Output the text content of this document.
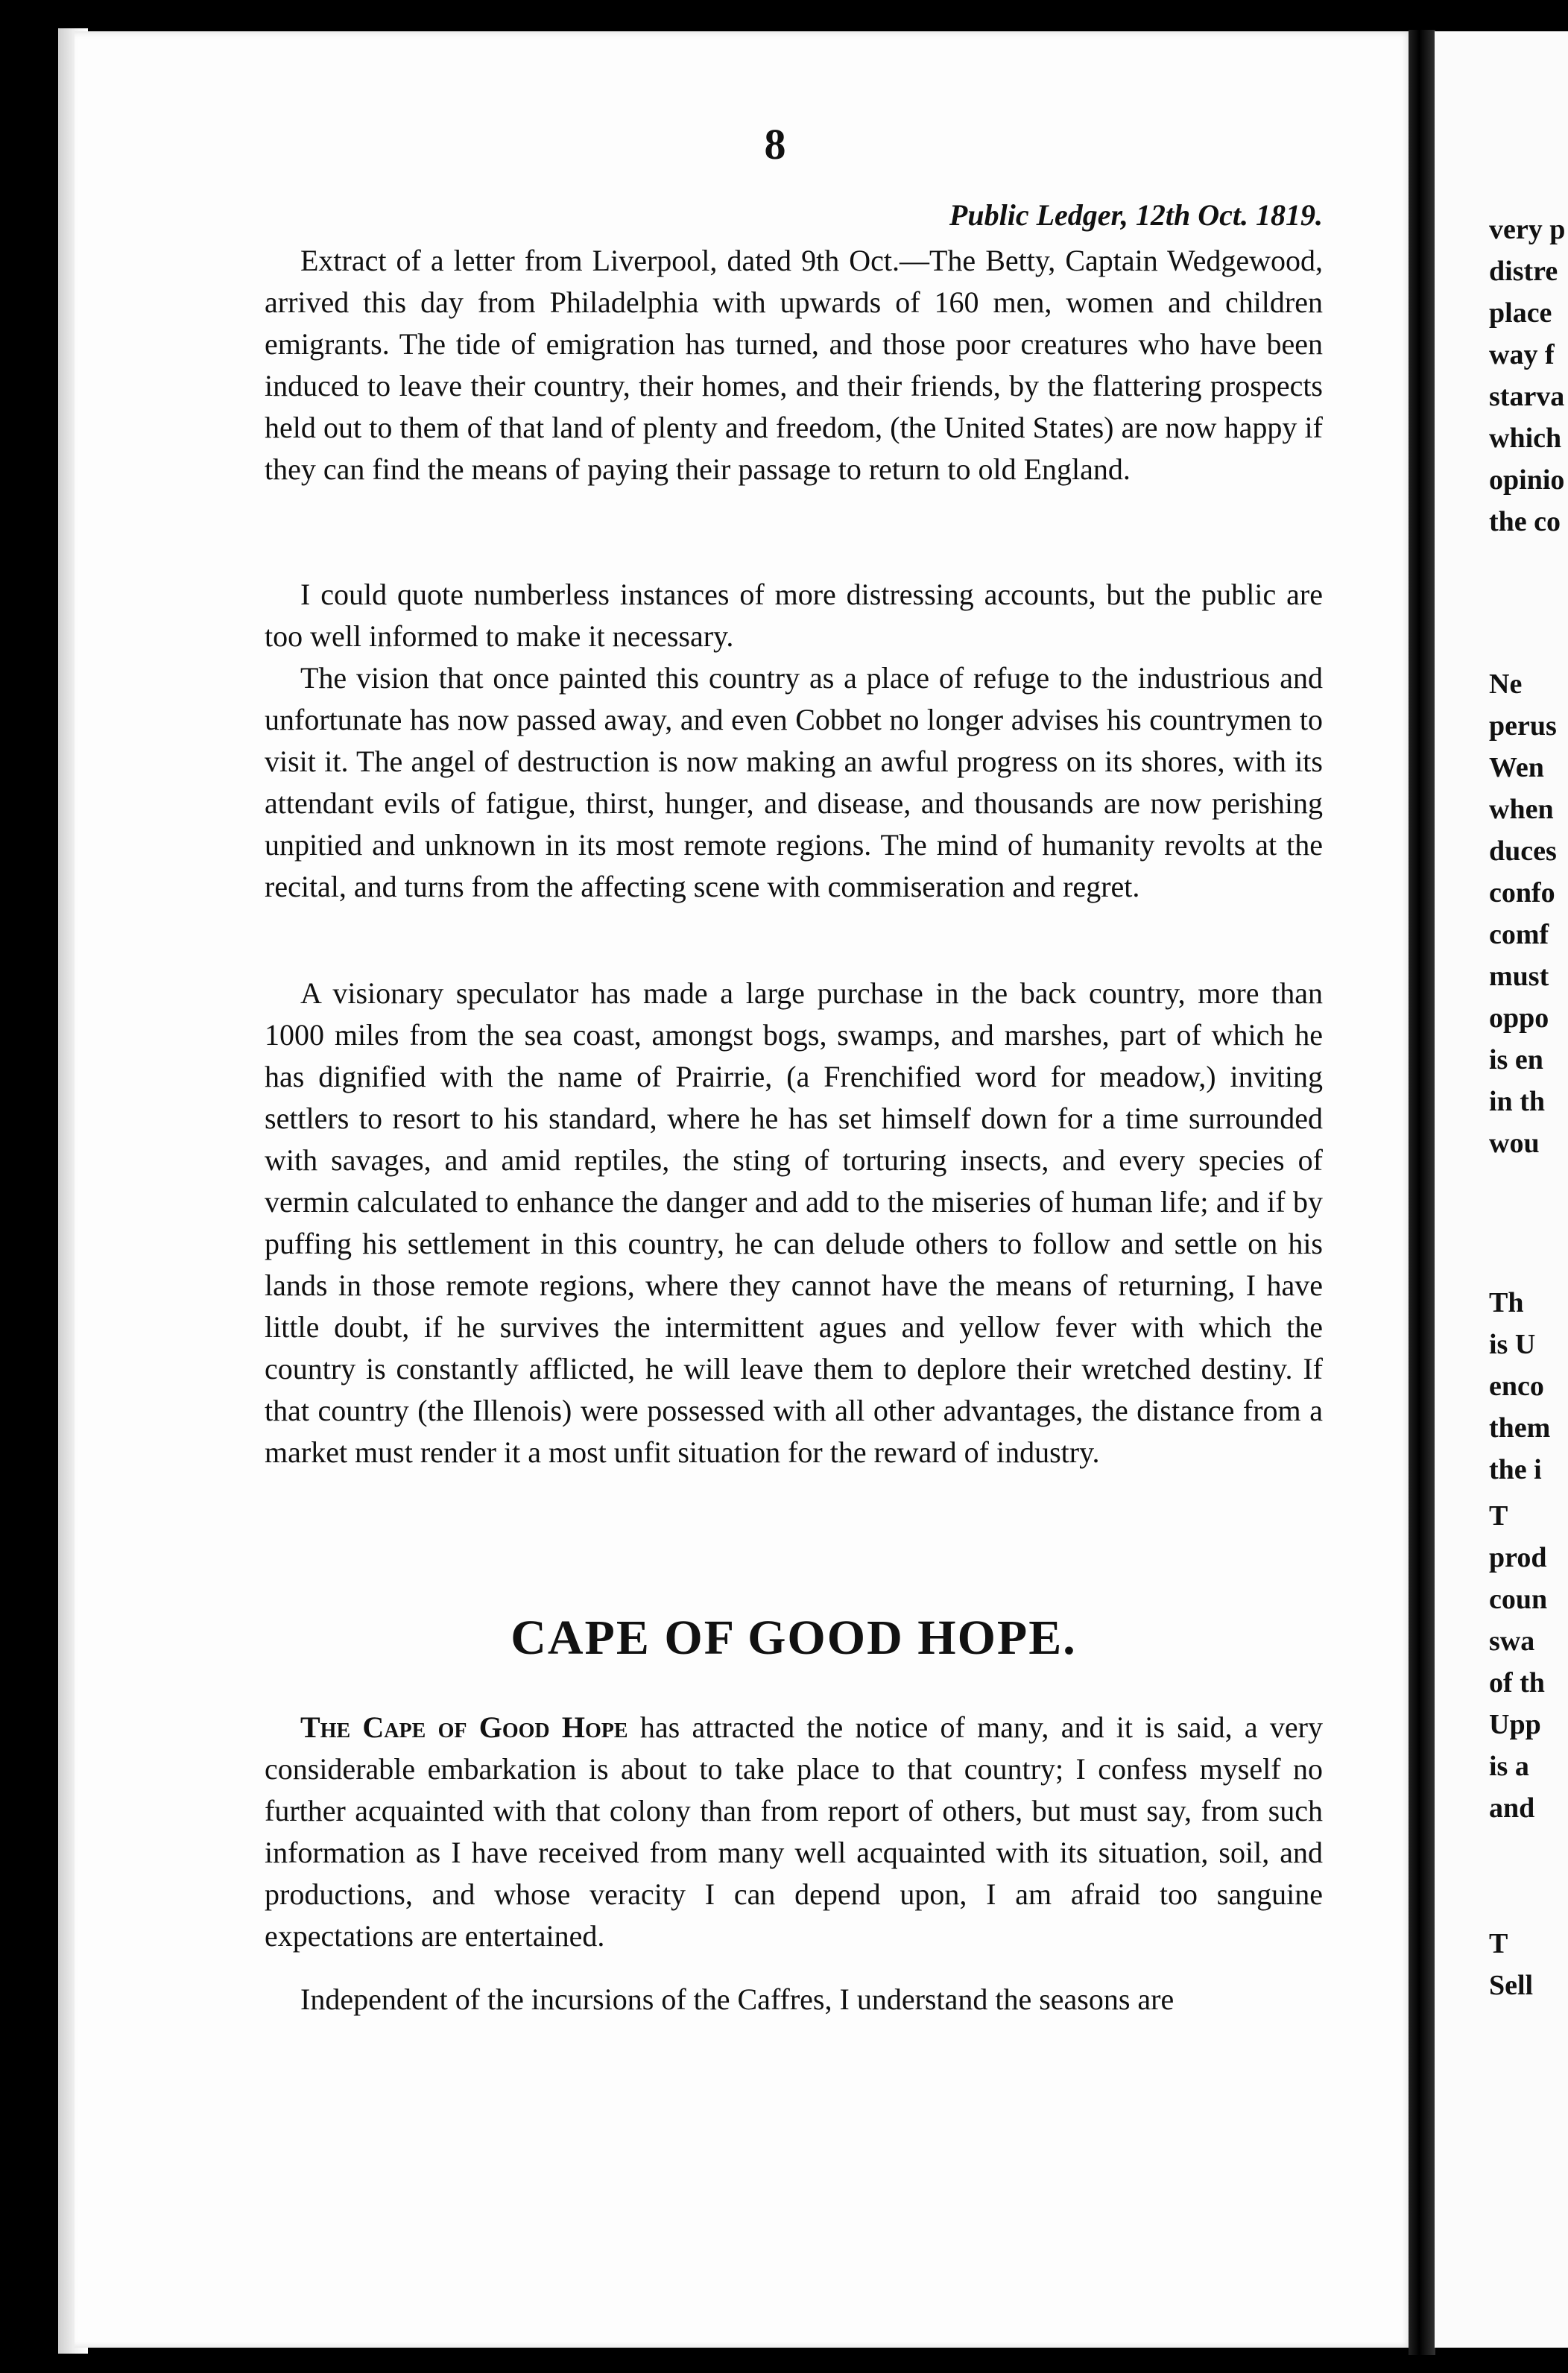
8
Public Ledger, 12th Oct. 1819.

Extract of a letter from Liverpool, dated 9th Oct.—The Betty, Captain Wedgewood, arrived this day from Philadelphia with upwards of 160 men, women and children emigrants. The tide of emigration has turned, and those poor creatures who have been induced to leave their country, their homes, and their friends, by the flattering prospects held out to them of that land of plenty and freedom, (the United States) are now happy if they can find the means of paying their passage to return to old England.

I could quote numberless instances of more distressing accounts, but the public are too well informed to make it necessary.

The vision that once painted this country as a place of refuge to the industrious and unfortunate has now passed away, and even Cobbet no longer advises his countrymen to visit it. The angel of destruction is now making an awful progress on its shores, with its attendant evils of fatigue, thirst, hunger, and disease, and thousands are now perishing unpitied and unknown in its most remote regions. The mind of humanity revolts at the recital, and turns from the affecting scene with commiseration and regret.

A visionary speculator has made a large purchase in the back country, more than 1000 miles from the sea coast, amongst bogs, swamps, and marshes, part of which he has dignified with the name of Prairrie, (a Frenchified word for meadow,) inviting settlers to resort to his standard, where he has set himself down for a time surrounded with savages, and amid reptiles, the sting of torturing insects, and every species of vermin calculated to enhance the danger and add to the miseries of human life; and if by puffing his settlement in this country, he can delude others to follow and settle on his lands in those remote regions, where they cannot have the means of returning, I have little doubt, if he survives the intermittent agues and yellow fever with which the country is constantly afflicted, he will leave them to deplore their wretched destiny. If that country (the Illenois) were possessed with all other advantages, the distance from a market must render it a most unfit situation for the reward of industry.

CAPE OF GOOD HOPE.

The Cape of Good Hope has attracted the notice of many, and it is said, a very considerable embarkation is about to take place to that country; I confess myself no further acquainted with that colony than from report of others, but must say, from such information as I have received from many well acquainted with its situation, soil, and productions, and whose veracity I can depend upon, I am afraid too sanguine expectations are entertained.

Independent of the incursions of the Caffres, I understand the seasons are

very p
distre
place
way f
starva
which
opinio
the co
Ne
perus
Wen
when
duces
confo
comf
must
oppo
is en
in th
wou
Th
is U
enco
them
the i
T
prod
coun
swa
of th
Upp
is a
and
T
Sell
